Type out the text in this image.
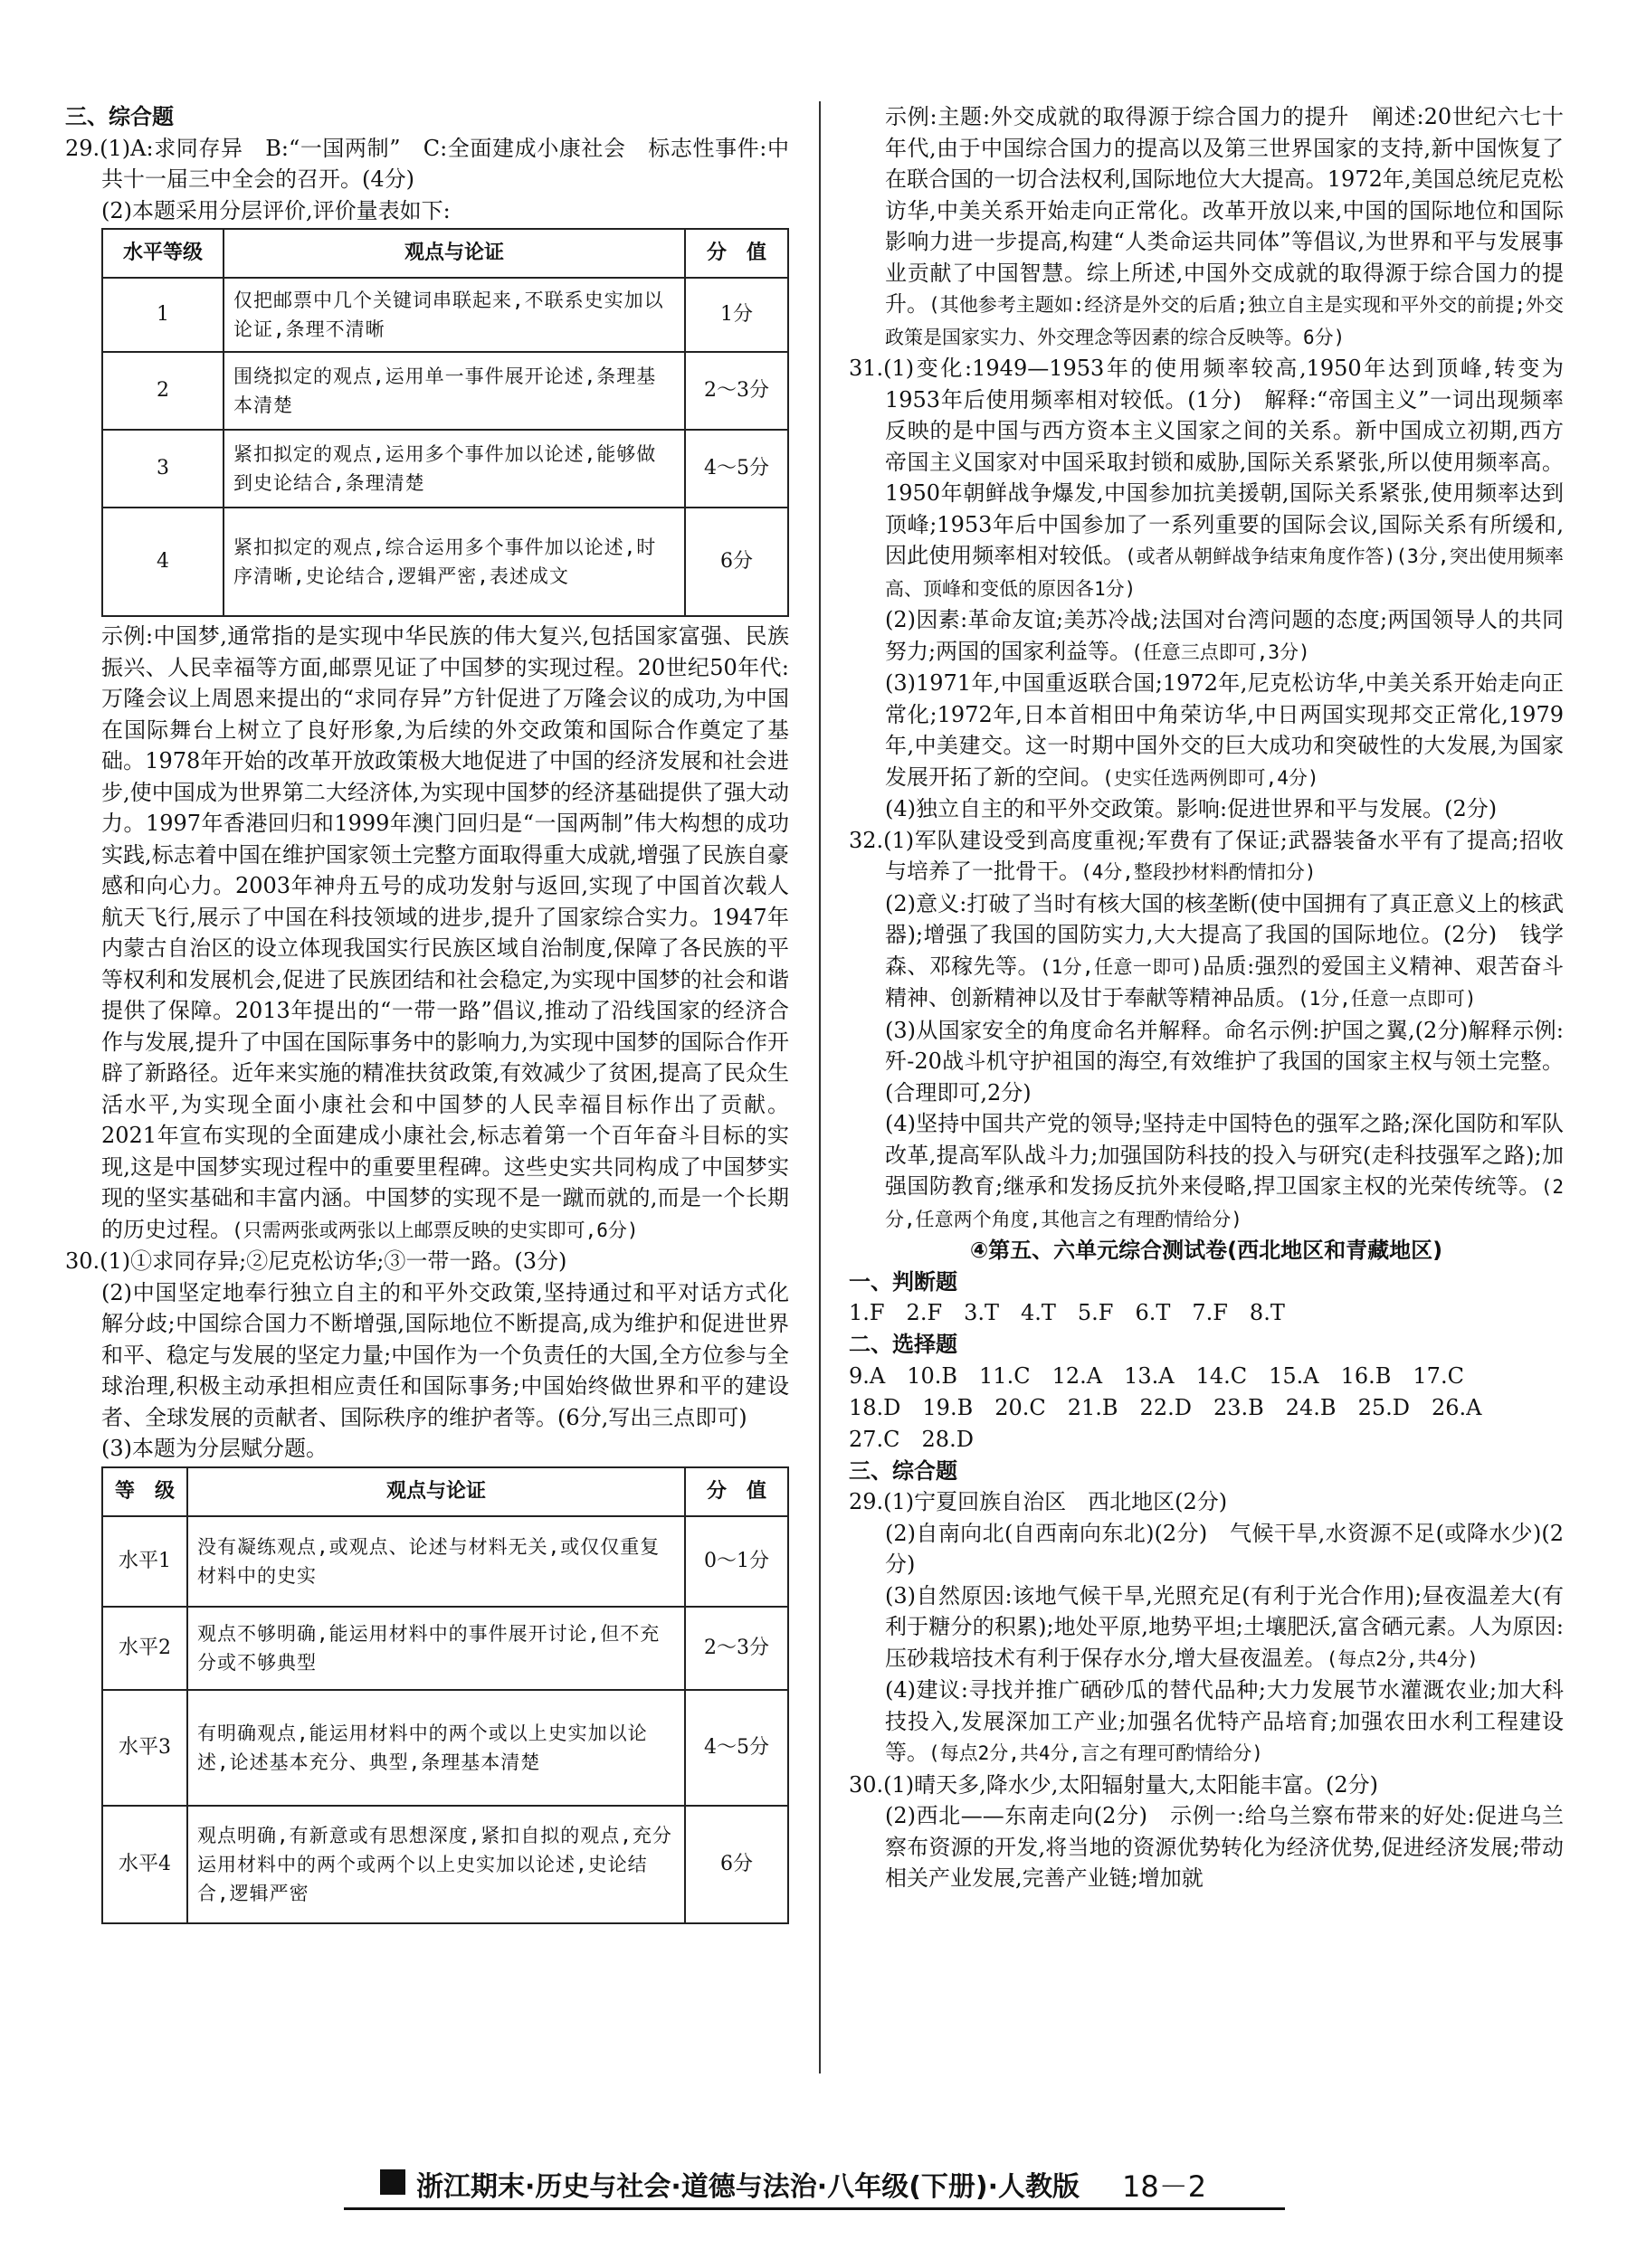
三、综合题

29.(1)A:求同存异　B:“一国两制”　C:全面建成小康社会　标志性事件:中共十一届三中全会的召开。(4分)

(2)本题采用分层评价,评价量表如下:

水平等级	观点与论证	分　值
1	仅把邮票中几个关键词串联起来,不联系史实加以论证,条理不清晰	1分
2	围绕拟定的观点,运用单一事件展开论述,条理基本清楚	2～3分
3	紧扣拟定的观点,运用多个事件加以论述,能够做到史论结合,条理清楚	4～5分
4	紧扣拟定的观点,综合运用多个事件加以论述,时序清晰,史论结合,逻辑严密,表述成文	6分

示例:中国梦,通常指的是实现中华民族的伟大复兴,包括国家富强、民族振兴、人民幸福等方面,邮票见证了中国梦的实现过程。20世纪50年代:万隆会议上周恩来提出的“求同存异”方针促进了万隆会议的成功,为中国在国际舞台上树立了良好形象,为后续的外交政策和国际合作奠定了基础。1978年开始的改革开放政策极大地促进了中国的经济发展和社会进步,使中国成为世界第二大经济体,为实现中国梦的经济基础提供了强大动力。1997年香港回归和1999年澳门回归是“一国两制”伟大构想的成功实践,标志着中国在维护国家领土完整方面取得重大成就,增强了民族自豪感和向心力。2003年神舟五号的成功发射与返回,实现了中国首次载人航天飞行,展示了中国在科技领域的进步,提升了国家综合实力。1947年内蒙古自治区的设立体现我国实行民族区域自治制度,保障了各民族的平等权利和发展机会,促进了民族团结和社会稳定,为实现中国梦的社会和谐提供了保障。2013年提出的“一带一路”倡议,推动了沿线国家的经济合作与发展,提升了中国在国际事务中的影响力,为实现中国梦的国际合作开辟了新路径。近年来实施的精准扶贫政策,有效减少了贫困,提高了民众生活水平,为实现全面小康社会和中国梦的人民幸福目标作出了贡献。2021年宣布实现的全面建成小康社会,标志着第一个百年奋斗目标的实现,这是中国梦实现过程中的重要里程碑。这些史实共同构成了中国梦实现的坚实基础和丰富内涵。中国梦的实现不是一蹴而就的,而是一个长期的历史过程。(只需两张或两张以上邮票反映的史实即可,6分)

30.(1)①求同存异;②尼克松访华;③一带一路。(3分)

(2)中国坚定地奉行独立自主的和平外交政策,坚持通过和平对话方式化解分歧;中国综合国力不断增强,国际地位不断提高,成为维护和促进世界和平、稳定与发展的坚定力量;中国作为一个负责任的大国,全方位参与全球治理,积极主动承担相应责任和国际事务;中国始终做世界和平的建设者、全球发展的贡献者、国际秩序的维护者等。(6分,写出三点即可)

(3)本题为分层赋分题。

等　级	观点与论证	分　值
水平1	没有凝练观点,或观点、论述与材料无关,或仅仅重复材料中的史实	0～1分
水平2	观点不够明确,能运用材料中的事件展开讨论,但不充分或不够典型	2～3分
水平3	有明确观点,能运用材料中的两个或以上史实加以论述,论述基本充分、典型,条理基本清楚	4～5分
水平4	观点明确,有新意或有思想深度,紧扣自拟的观点,充分运用材料中的两个或两个以上史实加以论述,史论结合,逻辑严密	6分

示例:主题:外交成就的取得源于综合国力的提升　阐述:20世纪六七十年代,由于中国综合国力的提高以及第三世界国家的支持,新中国恢复了在联合国的一切合法权利,国际地位大大提高。1972年,美国总统尼克松访华,中美关系开始走向正常化。改革开放以来,中国的国际地位和国际影响力进一步提高,构建“人类命运共同体”等倡议,为世界和平与发展事业贡献了中国智慧。综上所述,中国外交成就的取得源于综合国力的提升。(其他参考主题如:经济是外交的后盾;独立自主是实现和平外交的前提;外交政策是国家实力、外交理念等因素的综合反映等。6分)

31.(1)变化:1949—1953年的使用频率较高,1950年达到顶峰,转变为1953年后使用频率相对较低。(1分)　解释:“帝国主义”一词出现频率反映的是中国与西方资本主义国家之间的关系。新中国成立初期,西方帝国主义国家对中国采取封锁和威胁,国际关系紧张,所以使用频率高。1950年朝鲜战争爆发,中国参加抗美援朝,国际关系紧张,使用频率达到顶峰;1953年后中国参加了一系列重要的国际会议,国际关系有所缓和,因此使用频率相对较低。(或者从朝鲜战争结束角度作答)(3分,突出使用频率高、顶峰和变低的原因各1分)

(2)因素:革命友谊;美苏冷战;法国对台湾问题的态度;两国领导人的共同努力;两国的国家利益等。(任意三点即可,3分)

(3)1971年,中国重返联合国;1972年,尼克松访华,中美关系开始走向正常化;1972年,日本首相田中角荣访华,中日两国实现邦交正常化,1979年,中美建交。这一时期中国外交的巨大成功和突破性的大发展,为国家发展开拓了新的空间。(史实任选两例即可,4分)

(4)独立自主的和平外交政策。影响:促进世界和平与发展。(2分)

32.(1)军队建设受到高度重视;军费有了保证;武器装备水平有了提高;招收与培养了一批骨干。(4分,整段抄材料酌情扣分)

(2)意义:打破了当时有核大国的核垄断(使中国拥有了真正意义上的核武器);增强了我国的国防实力,大大提高了我国的国际地位。(2分)　钱学森、邓稼先等。(1分,任意一即可)品质:强烈的爱国主义精神、艰苦奋斗精神、创新精神以及甘于奉献等精神品质。(1分,任意一点即可)

(3)从国家安全的角度命名并解释。命名示例:护国之翼,(2分)解释示例:歼-20战斗机守护祖国的海空,有效维护了我国的国家主权与领土完整。(合理即可,2分)

(4)坚持中国共产党的领导;坚持走中国特色的强军之路;深化国防和军队改革,提高军队战斗力;加强国防科技的投入与研究(走科技强军之路);加强国防教育;继承和发扬反抗外来侵略,捍卫国家主权的光荣传统等。(2分,任意两个角度,其他言之有理酌情给分)

④第五、六单元综合测试卷(西北地区和青藏地区)

一、判断题

1.F　2.F　3.T　4.T　5.F　6.T　7.F　8.T

二、选择题

9.A　10.B　11.C　12.A　13.A　14.C　15.A　16.B　17.C

18.D　19.B　20.C　21.B　22.D　23.B　24.B　25.D　26.A

27.C　28.D

三、综合题

29.(1)宁夏回族自治区　西北地区(2分)

(2)自南向北(自西南向东北)(2分)　气候干旱,水资源不足(或降水少)(2分)

(3)自然原因:该地气候干旱,光照充足(有利于光合作用);昼夜温差大(有利于糖分的积累);地处平原,地势平坦;土壤肥沃,富含硒元素。人为原因:压砂栽培技术有利于保存水分,增大昼夜温差。(每点2分,共4分)

(4)建议:寻找并推广硒砂瓜的替代品种;大力发展节水灌溉农业;加大科技投入,发展深加工产业;加强名优特产品培育;加强农田水利工程建设等。(每点2分,共4分,言之有理可酌情给分)

30.(1)晴天多,降水少,太阳辐射量大,太阳能丰富。(2分)

(2)西北——东南走向(2分)　示例一:给乌兰察布带来的好处:促进乌兰察布资源的开发,将当地的资源优势转化为经济优势,促进经济发展;带动相关产业发展,完善产业链;增加就

浙江期末·历史与社会·道德与法治·八年级(下册)·人教版 18－2
